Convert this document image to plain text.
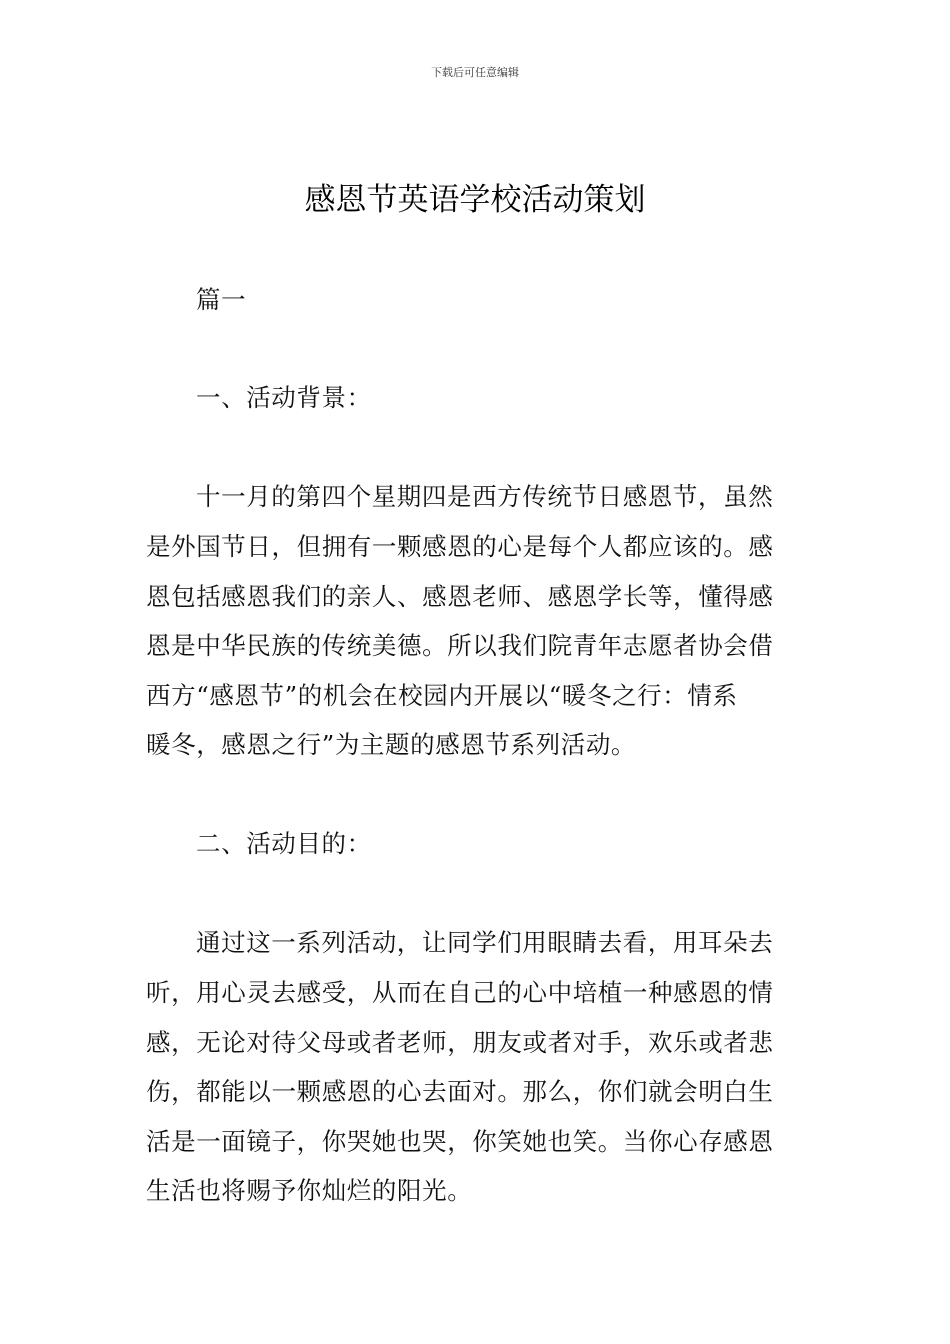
下载后可任意编辑
感恩节英语学校活动策划
篇一
一、活动背景：
十一月的第四个星期四是西方传统节日感恩节，虽然
是外国节日，但拥有一颗感恩的心是每个人都应该的。感
恩包括感恩我们的亲人、感恩老师、感恩学长等，懂得感
恩是中华民族的传统美德。所以我们院青年志愿者协会借
西方“感恩节”的机会在校园内开展以“暖冬之行：情系
暖冬，感恩之行”为主题的感恩节系列活动。
二、活动目的：
通过这一系列活动，让同学们用眼睛去看，用耳朵去
听，用心灵去感受，从而在自己的心中培植一种感恩的情
感，无论对待父母或者老师，朋友或者对手，欢乐或者悲
伤，都能以一颗感恩的心去面对。那么，你们就会明白生
活是一面镜子，你哭她也哭，你笑她也笑。当你心存感恩
生活也将赐予你灿烂的阳光。
